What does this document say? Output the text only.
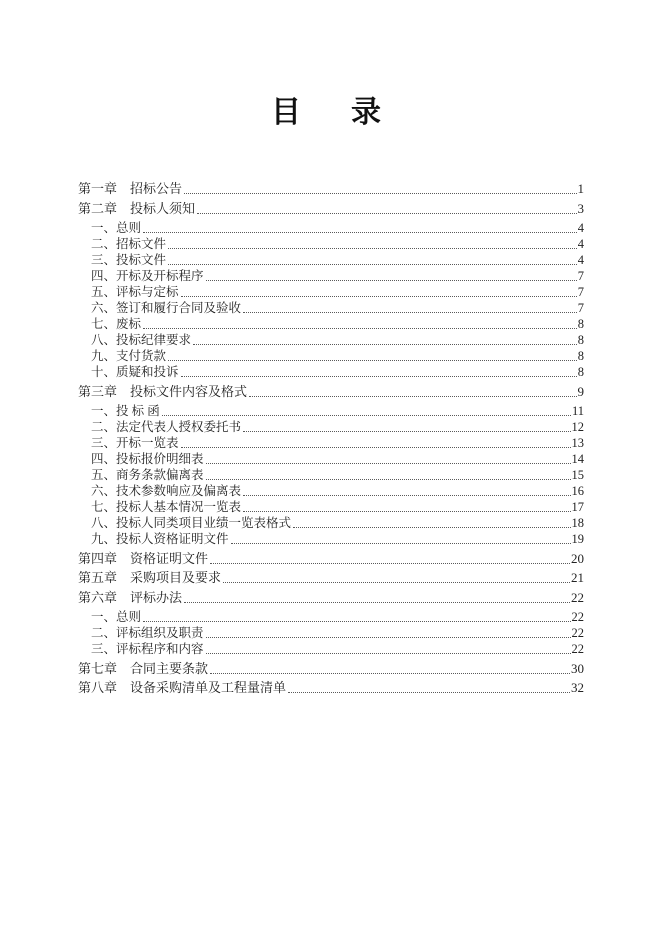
目　录
第一章　招标公告	1
第二章　投标人须知	3
一、总则	4
二、招标文件	4
三、投标文件	4
四、开标及开标程序	7
五、评标与定标	7
六、签订和履行合同及验收	7
七、废标	8
八、投标纪律要求	8
九、支付货款	8
十、质疑和投诉	8
第三章　投标文件内容及格式	9
一、投 标 函	11
二、法定代表人授权委托书	12
三、开标一览表	13
四、投标报价明细表	14
五、商务条款偏离表	15
六、技术参数响应及偏离表	16
七、投标人基本情况一览表	17
八、投标人同类项目业绩一览表格式	18
九、投标人资格证明文件	19
第四章　资格证明文件	20
第五章　采购项目及要求	21
第六章　评标办法	22
一、总则	22
二、评标组织及职责	22
三、评标程序和内容	22
第七章　合同主要条款	30
第八章　设备采购清单及工程量清单	32
